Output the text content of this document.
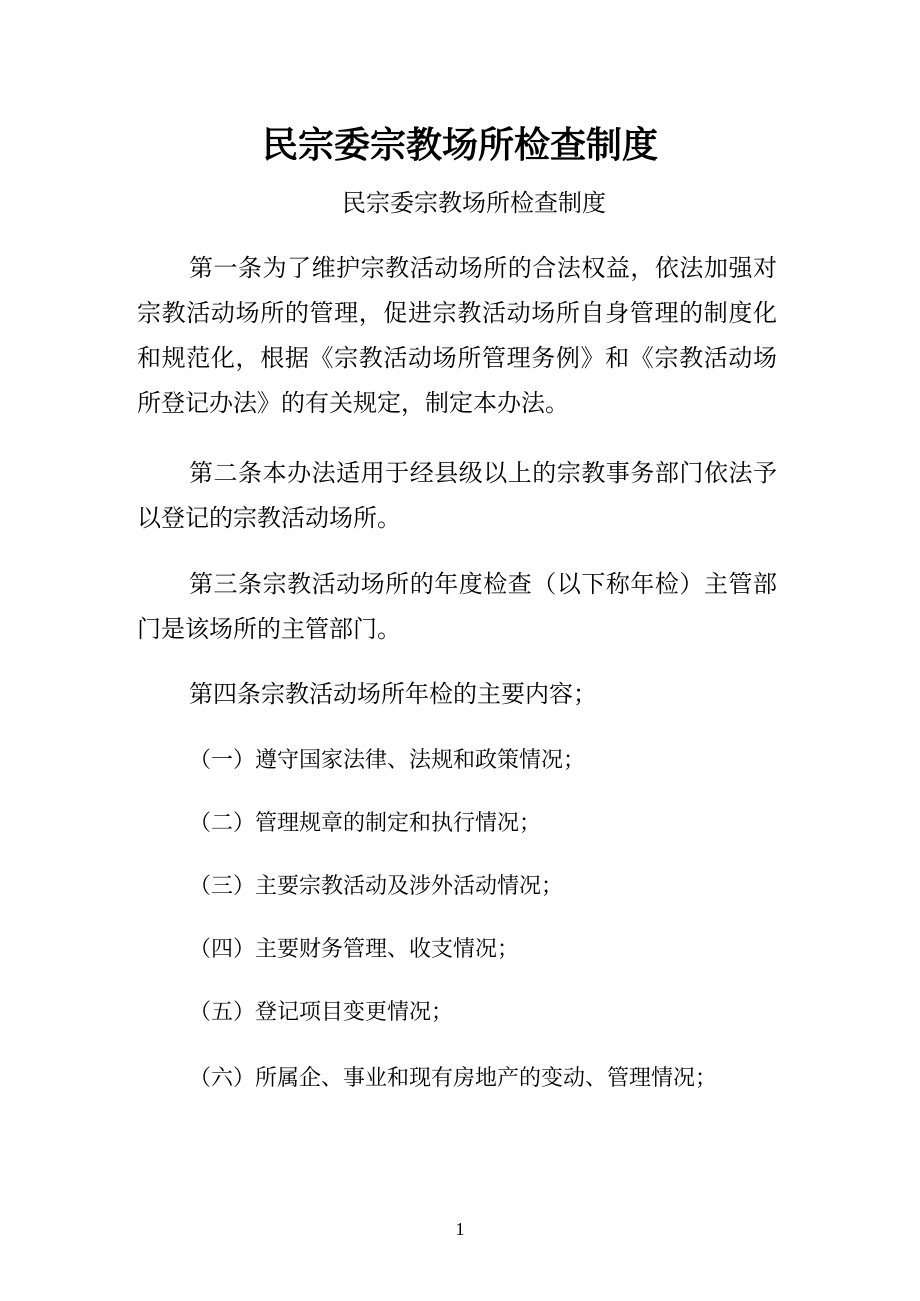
民宗委宗教场所检查制度

民宗委宗教场所检查制度

第一条为了维护宗教活动场所的合法权益，依法加强对宗教活动场所的管理，促进宗教活动场所自身管理的制度化和规范化，根据《宗教活动场所管理务例》和《宗教活动场所登记办法》的有关规定，制定本办法。

第二条本办法适用于经县级以上的宗教事务部门依法予以登记的宗教活动场所。

第三条宗教活动场所的年度检查（以下称年检）主管部门是该场所的主管部门。

第四条宗教活动场所年检的主要内容；

（一）遵守国家法律、法规和政策情况；

（二）管理规章的制定和执行情况；

（三）主要宗教活动及涉外活动情况；

（四）主要财务管理、收支情况；

（五）登记项目变更情况；

（六）所属企、事业和现有房地产的变动、管理情况；

1
